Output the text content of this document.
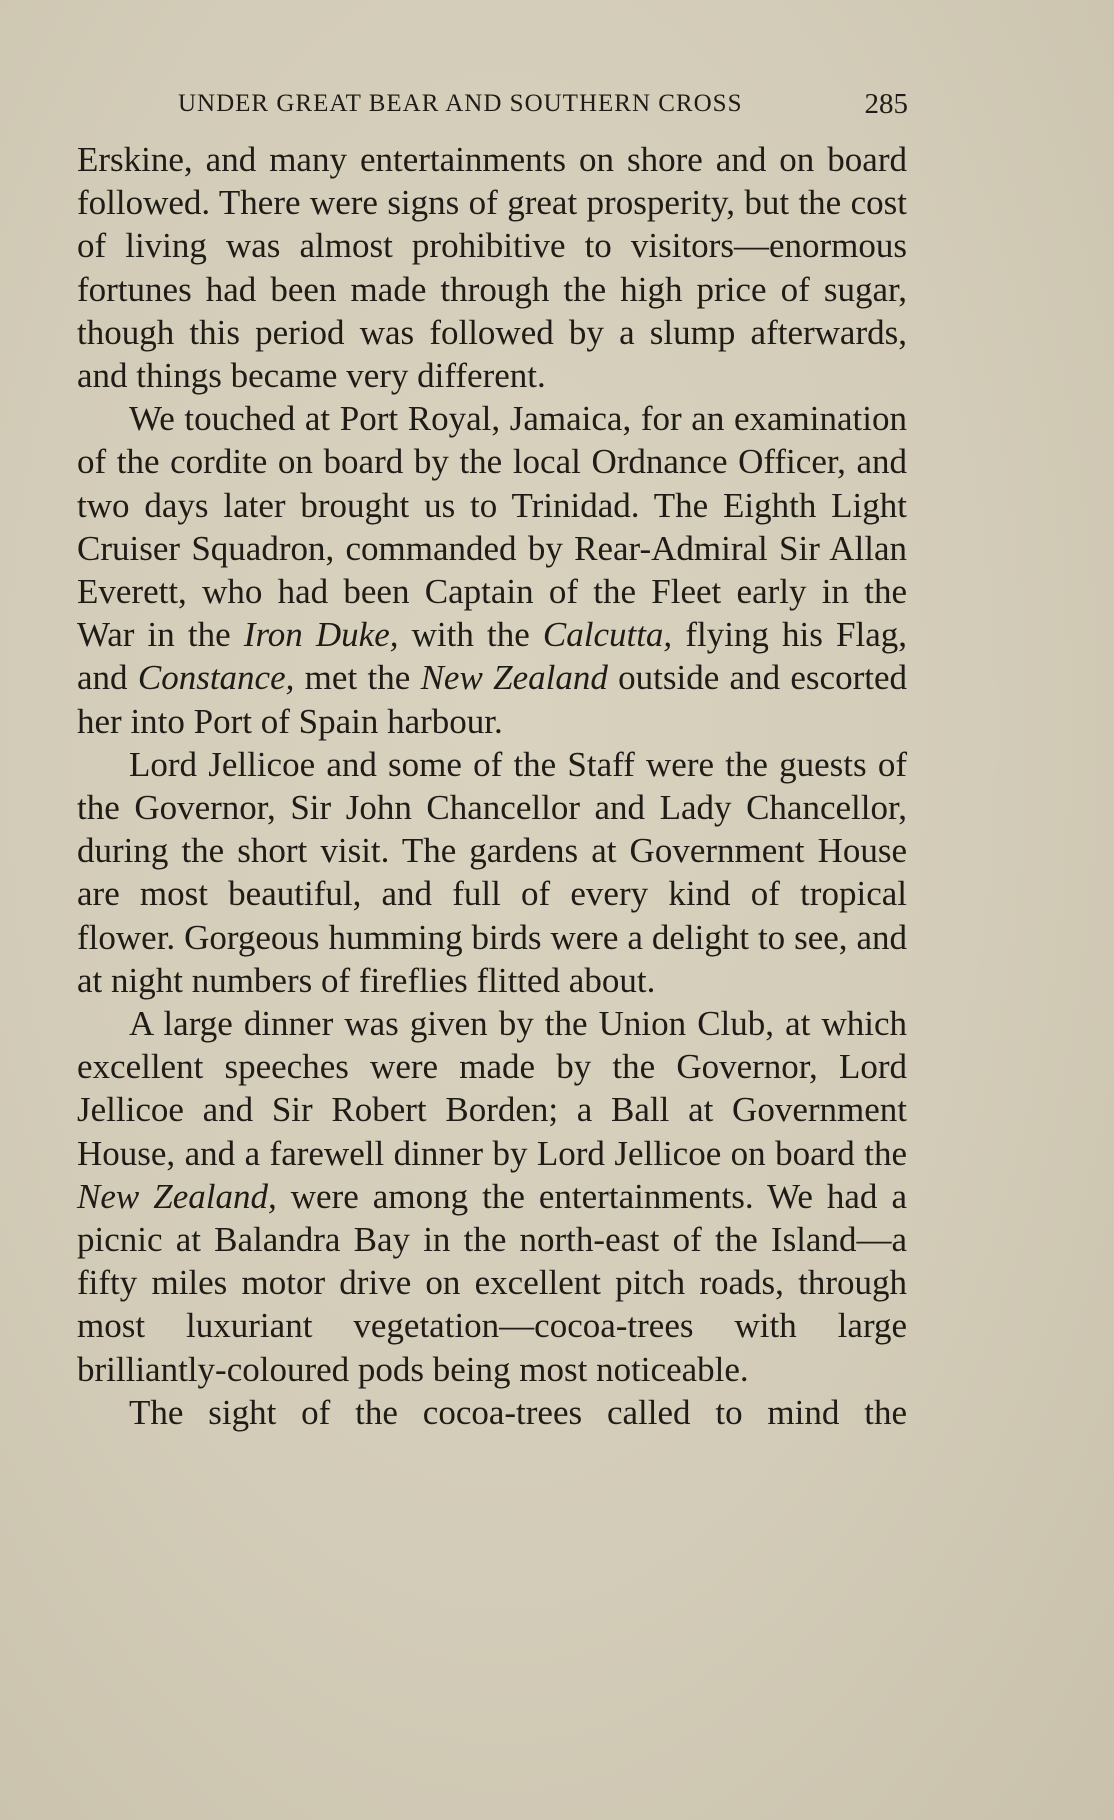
UNDER GREAT BEAR AND SOUTHERN CROSS	285

Erskine, and many entertainments on shore and on board followed. There were signs of great prosperity, but the cost of living was almost prohibitive to visitors—enormous fortunes had been made through the high price of sugar, though this period was followed by a slump afterwards, and things became very different.

We touched at Port Royal, Jamaica, for an examination of the cordite on board by the local Ordnance Officer, and two days later brought us to Trinidad. The Eighth Light Cruiser Squadron, commanded by Rear-Admiral Sir Allan Everett, who had been Captain of the Fleet early in the War in the Iron Duke, with the Calcutta, flying his Flag, and Constance, met the New Zealand outside and escorted her into Port of Spain harbour.

Lord Jellicoe and some of the Staff were the guests of the Governor, Sir John Chancellor and Lady Chancellor, during the short visit. The gardens at Government House are most beautiful, and full of every kind of tropical flower. Gorgeous humming birds were a delight to see, and at night numbers of fireflies flitted about.

A large dinner was given by the Union Club, at which excellent speeches were made by the Governor, Lord Jellicoe and Sir Robert Borden; a Ball at Government House, and a farewell dinner by Lord Jellicoe on board the New Zealand, were among the entertainments. We had a picnic at Balandra Bay in the north-east of the Island—a fifty miles motor drive on excellent pitch roads, through most luxuriant vegetation—cocoa-trees with large brilliantly-coloured pods being most noticeable.

The sight of the cocoa-trees called to mind the
